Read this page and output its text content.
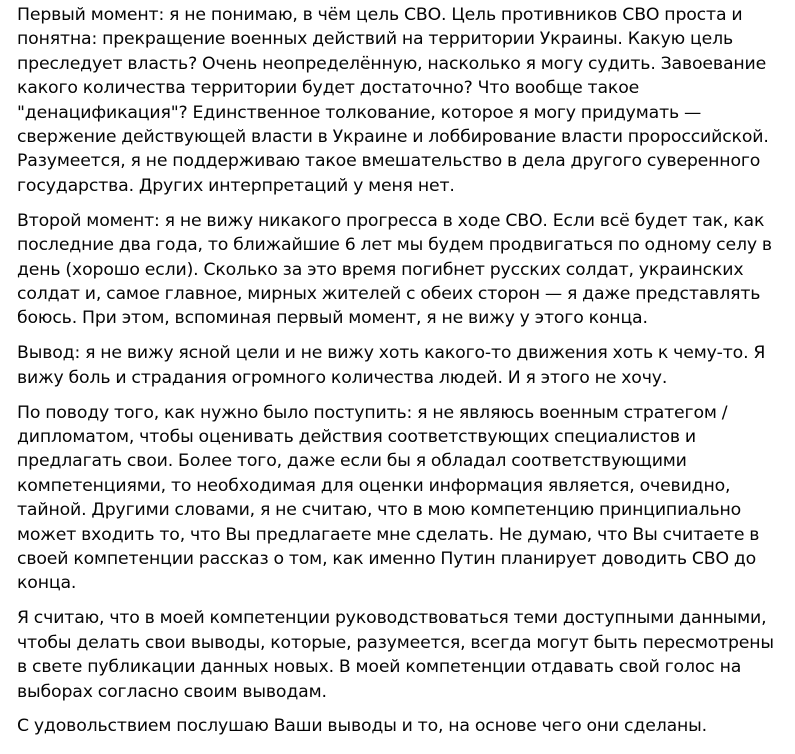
Первый момент: я не понимаю, в чём цель СВО. Цель противников СВО проста и понятна: прекращение военных действий на территории Украины. Какую цель преследует власть? Очень неопределённую, насколько я могу судить. Завоевание какого количества территории будет достаточно? Что вообще такое "денацификация"? Единственное толкование, которое я могу придумать — свержение действующей власти в Украине и лоббирование власти пророссийской. Разумеется, я не поддерживаю такое вмешательство в дела другого суверенного государства. Других интерпретаций у меня нет.

Второй момент: я не вижу никакого прогресса в ходе СВО. Если всё будет так, как последние два года, то ближайшие 6 лет мы будем продвигаться по одному селу в день (хорошо если). Сколько за это время погибнет русских солдат, украинских солдат и, самое главное, мирных жителей с обеих сторон — я даже представлять боюсь. При этом, вспоминая первый момент, я не вижу у этого конца.

Вывод: я не вижу ясной цели и не вижу хоть какого-то движения хоть к чему-то. Я вижу боль и страдания огромного количества людей. И я этого не хочу.

По поводу того, как нужно было поступить: я не являюсь военным стратегом / дипломатом, чтобы оценивать действия соответствующих специалистов и предлагать свои. Более того, даже если бы я обладал соответствующими компетенциями, то необходимая для оценки информация является, очевидно, тайной. Другими словами, я не считаю, что в мою компетенцию принципиально может входить то, что Вы предлагаете мне сделать. Не думаю, что Вы считаете в своей компетенции рассказ о том, как именно Путин планирует доводить СВО до конца.

Я считаю, что в моей компетенции руководствоваться теми доступными данными, чтобы делать свои выводы, которые, разумеется, всегда могут быть пересмотрены в свете публикации данных новых. В моей компетенции отдавать свой голос на выборах согласно своим выводам.

С удовольствием послушаю Ваши выводы и то, на основе чего они сделаны.
